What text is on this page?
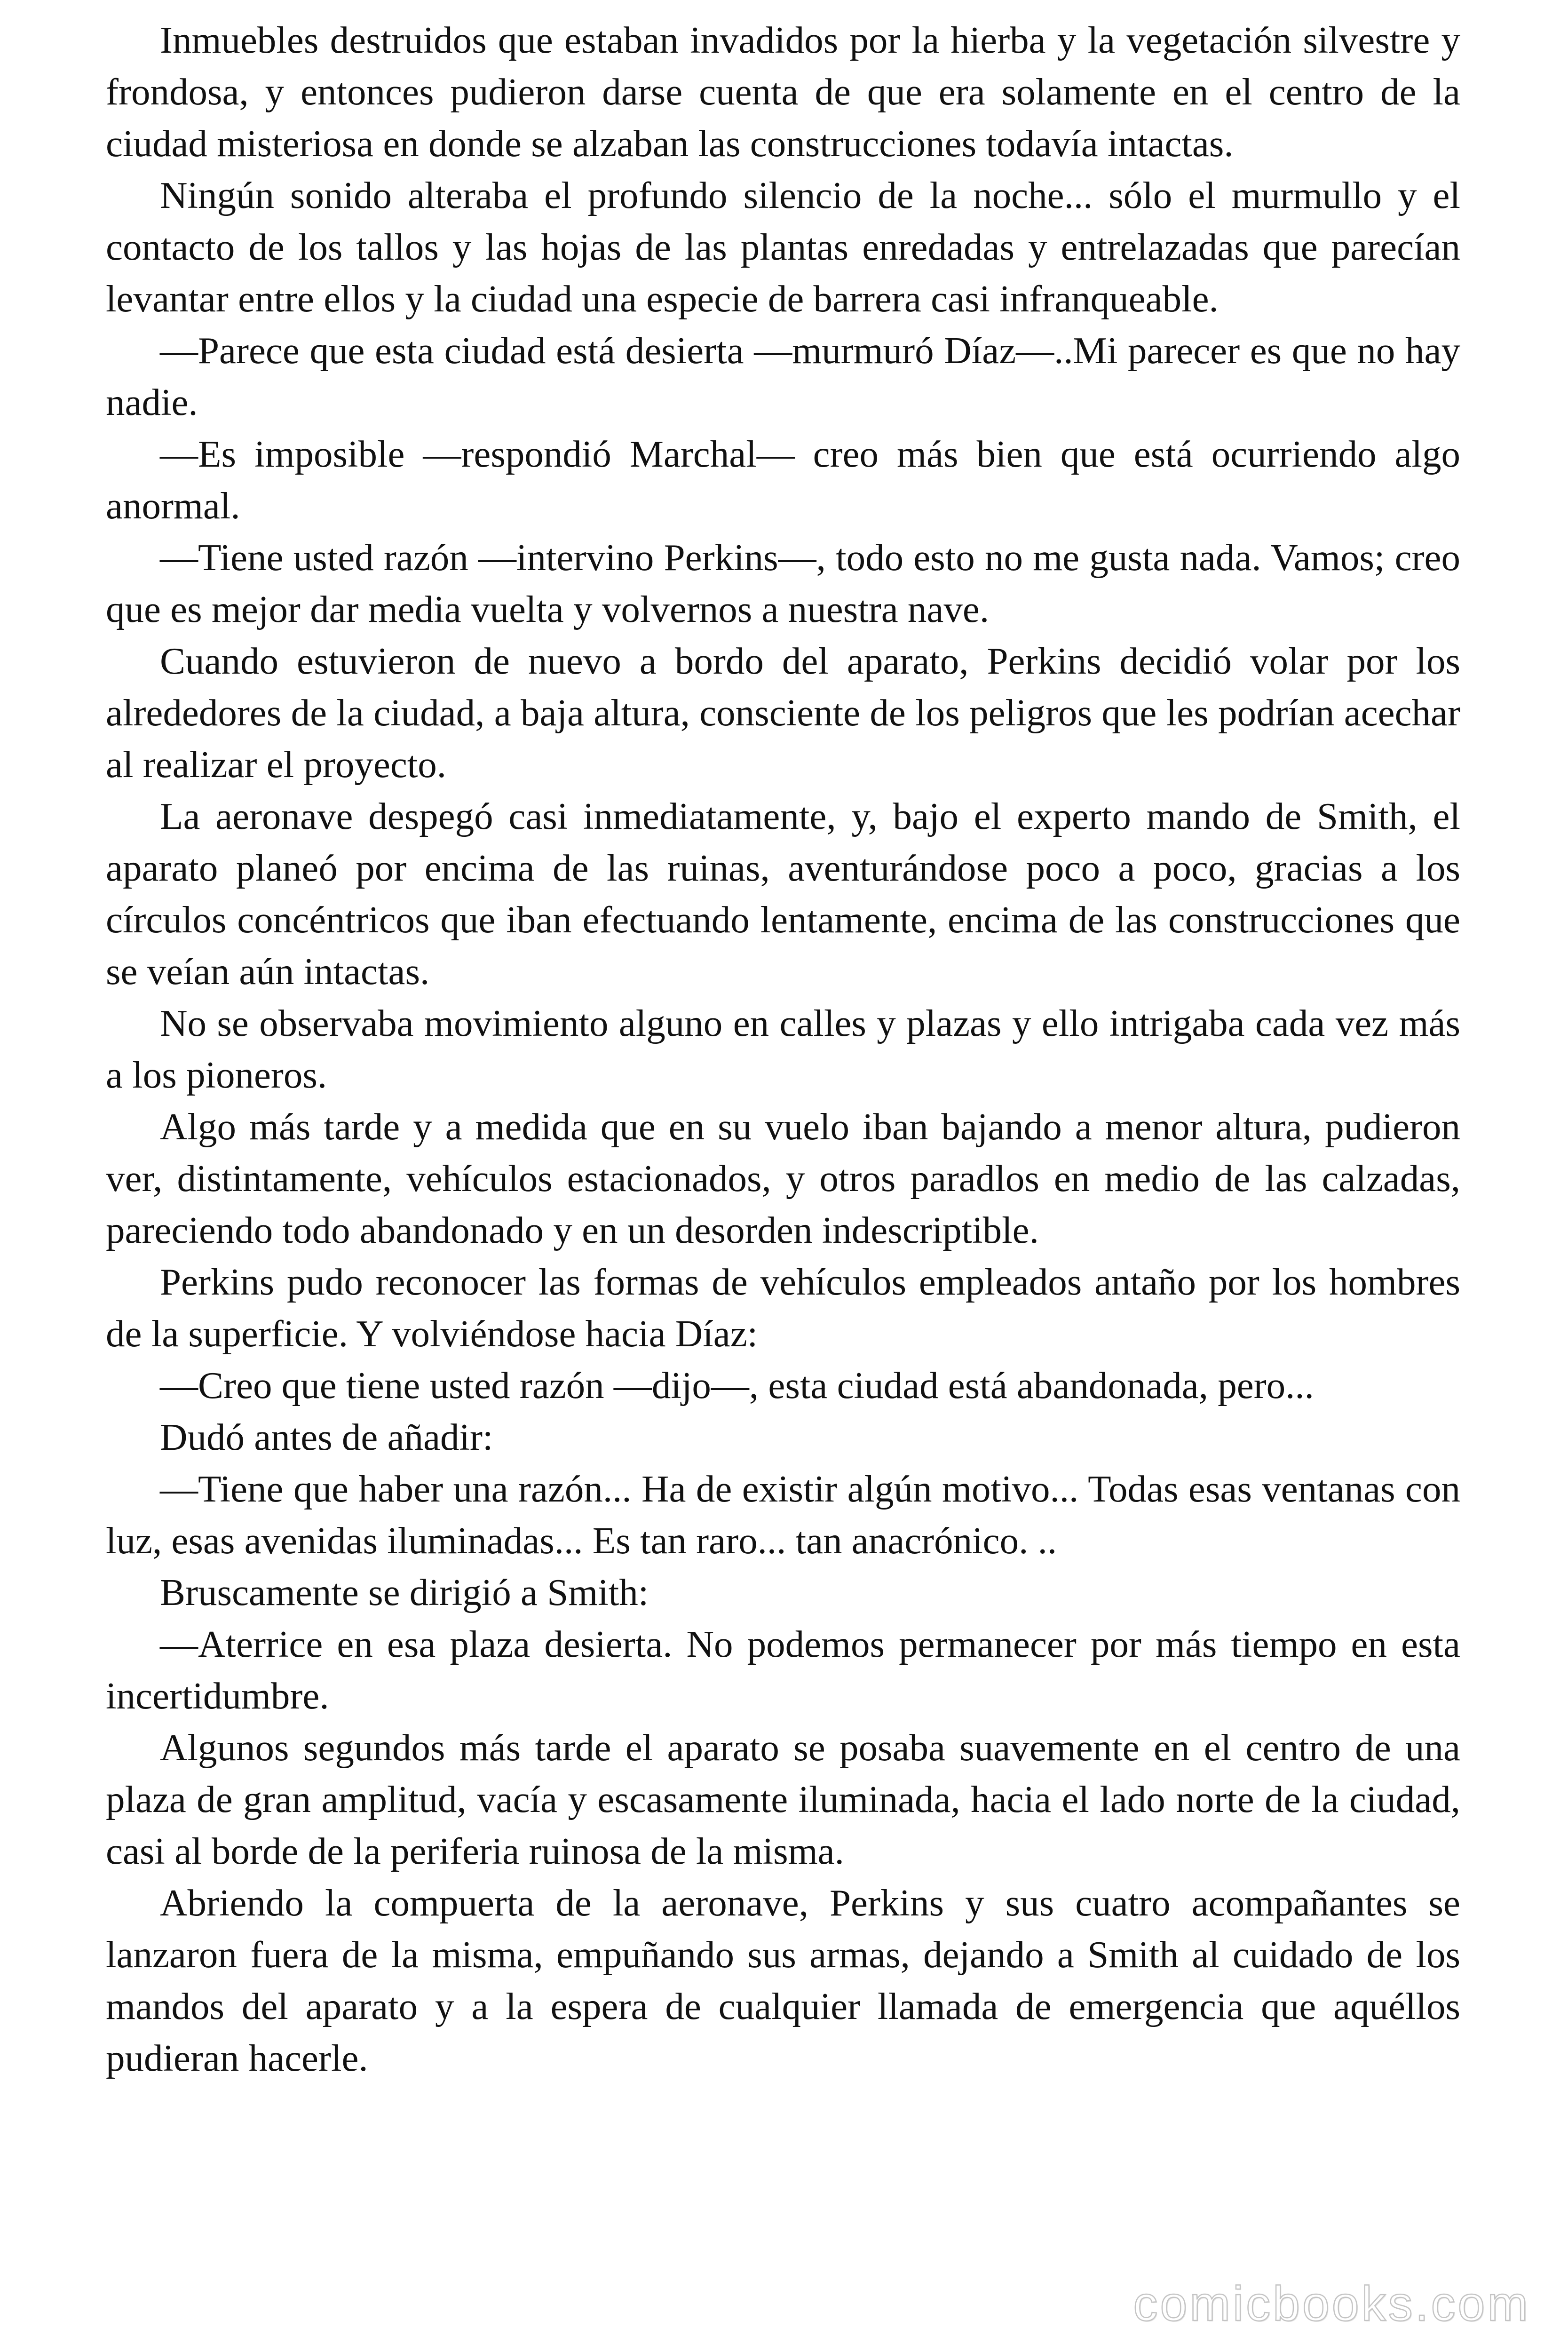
Inmuebles destruidos que estaban invadidos por la hierba y la vegetación silvestre y frondosa, y entonces pudieron darse cuenta de que era solamente en el centro de la ciudad misteriosa en donde se alzaban las construcciones todavía intactas.

Ningún sonido alteraba el profundo silencio de la noche... sólo el murmullo y el contacto de los tallos y las hojas de las plantas enredadas y entrelazadas que parecían levantar entre ellos y la ciudad una especie de barrera casi infranqueable.

—Parece que esta ciudad está desierta —murmuró Díaz—..Mi parecer es que no hay nadie.

—Es imposible —respondió Marchal— creo más bien que está ocurriendo algo anormal.

—Tiene usted razón —intervino Perkins—, todo esto no me gusta nada. Vamos; creo que es mejor dar media vuelta y volvernos a nuestra nave.

Cuando estuvieron de nuevo a bordo del aparato, Perkins decidió volar por los alrededores de la ciudad, a baja altura, consciente de los peligros que les podrían acechar al realizar el proyecto.

La aeronave despegó casi inmediatamente, y, bajo el experto mando de Smith, el aparato planeó por encima de las ruinas, aventurándose poco a poco, gracias a los círculos concéntricos que iban efectuando lentamente, encima de las construcciones que se veían aún intactas.

No se observaba movimiento alguno en calles y plazas y ello intrigaba cada vez más a los pioneros.

Algo más tarde y a medida que en su vuelo iban bajando a menor altura, pudieron ver, distintamente, vehículos estacionados, y otros paradlos en medio de las calzadas, pareciendo todo abandonado y en un desorden indescriptible.

Perkins pudo reconocer las formas de vehículos empleados antaño por los hombres de la superficie. Y volviéndose hacia Díaz:

—Creo que tiene usted razón —dijo—, esta ciudad está abandonada, pero...

Dudó antes de añadir:

—Tiene que haber una razón... Ha de existir algún motivo... Todas esas ventanas con luz, esas avenidas iluminadas... Es tan raro... tan anacrónico. ..

Bruscamente se dirigió a Smith:

—Aterrice en esa plaza desierta. No podemos permanecer por más tiempo en esta incertidumbre.

Algunos segundos más tarde el aparato se posaba suavemente en el centro de una plaza de gran amplitud, vacía y escasamente iluminada, hacia el lado norte de la ciudad, casi al borde de la periferia ruinosa de la misma.

Abriendo la compuerta de la aeronave, Perkins y sus cuatro acompañantes se lanzaron fuera de la misma, empuñando sus armas, dejando a Smith al cuidado de los mandos del aparato y a la espera de cualquier llamada de emergencia que aquéllos pudieran hacerle.

comicbooks.com
